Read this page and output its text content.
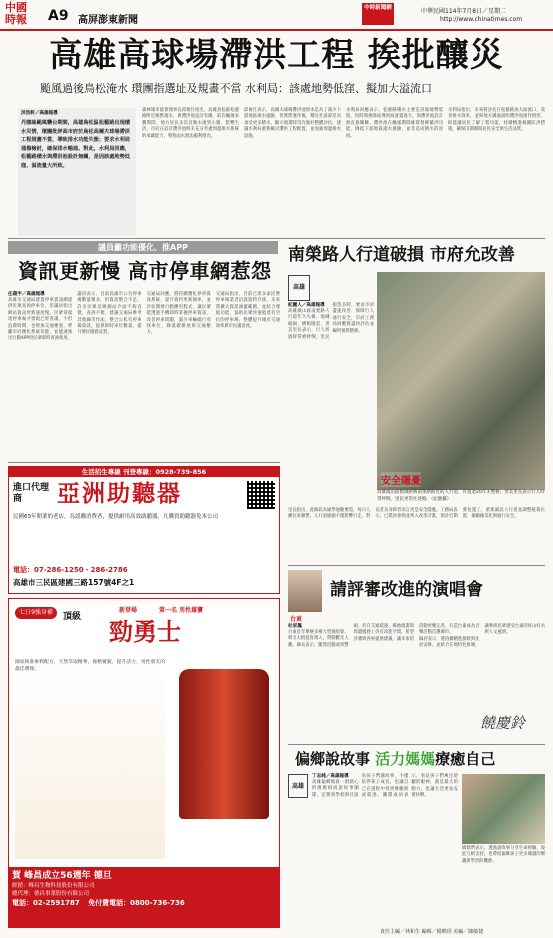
中國
時報	A9 高屏澎東新聞
中時新聞網	中華民國114年7月8日／星期二
http://www.chinatimes.com
高雄高球場滯洪工程 挨批釀災
颱風過後鳥松淹水 環團指選址及規畫不當 水利局：該處地勢低窪、擬加大溢流口
洪浩軒／高雄報導
丹娜絲颱風襲台期間，高雄鳥松區松藝路出現積水災情，環團批評高市府於鳥松高爾夫球場滯洪工程規畫不當，導致排水功能失衡；要求水利局通盤檢討，確保排水暢通。對此，水利局回應，松藝路積水與滯洪池設計無關，是因該處地勢低窪、溢流量大所致。

森林城市協會理事長邱俊仕指出，高雄鳥松區松藝路附近頻繁淹水，與滯洪池設計有關，前次颱風來襲期間，地方居民多次反映水淹到小腿，影響生活。市府在設計滯洪池時未充分考慮周邊排水系統的承載能力，導致雨水無法順利排出。

邱俊仕表示，高爾夫球場滯洪池原本是為了減少下游地區淹水風險，但實際運作後，鄰近社區卻反而承受更多積水，顯示規畫時沒有做好整體評估，建議水利局重新檢討滯洪工程配置，並加強周邊排水設施。

水利局回應表示，松藝路積水主要是該處地勢低窪，短時間強降雨導致溢流量過大，與滯洪池設計無直接關聯。滯洪池在颱風期間確實發揮蓄洪功能，降低下游地區淹水風險，並非造成積水的原因。

水利局指出，未來將評估在松藝路加大溢流口，改善排水效率，並與地方溝通說明滯洪池運作情形，盼能讓居民了解工程功能，持續精進相關防洪措施，確保汛期期間居民安全與生活品質。

議員籲功能優化、推APP
資訊更新慢 高市停車網惹怨
任義宇／高雄報導

高雄市交通局建置停車資訊網提供民眾查詢停車位，但議員指出網站資訊更新速度慢，民眾常抵達停車場才發現已經客滿，不但浪費時間，也增加交通壅塞，呼籲市府優化系統功能，並儘速推出行動APP供民眾即時查詢使用。

議員表示，目前高雄市公有停車場數量眾多，但資訊整合不足，許多民眾反映網站介面不夠直覺，查詢不便，建議交通局參考其他縣市作法，整合公私有停車場資訊，提供即時車位數量，提升便民服務品質。

交通局回應，將持續優化停車資訊系統，提升資料更新頻率，並評估開發行動應用程式，讓民眾能透過手機即時掌握停車資訊，改善停車問題，減少車輛繞行尋找車位，降低碳排放與交通壓力。

交通局指出，目前已與多家民營停車場業者洽談資料介接，未來將擴大資訊涵蓋範圍，並結合導航功能，協助民眾快速抵達有空位的停車場，整體提升城市交通效率與市民滿意度。

南榮路人行道破損 市府允改善
高雄
紀麗人／高雄報導

高雄鳳山區南榮路人行道年久失修，地磚破損、樹根隆起，善美里長表示，行人經過時常被絆倒，里民抱怨多時，要求市府盡速改善，保障行人通行安全，市府工務局回應將盡快評估並編列預算整修。

安全隱憂
高雄鳳山區舊城路興南榮路附近的人行道，有超過20年未整修，善美里長表示行人時常絆倒，里民更常往逐路。（紀麗攝）

里長指出，此路段為通學通勤要道，每日人潮往來頻繁，人行道破損不僅影響行走，對長者及身障者而言更是安全隱憂。工務局表示，已派員會勘並列入改善計畫，預計近期發包施工，重新鋪設人行道並調整植栽位置，兼顧綠美化與通行安全。

生活招生專線 刊登專線：0928-739-856
進口代理商	亞洲助聽器
民國63年開業的老店，為認購消費者，提供耐用高效助聽器，凡購買助聽器免本公司
電話：07-286-1250・286-2786
高雄市三民區建國三路157號4F之1
七日9強身補	頂級
新登場	第一名 男性雄寶
勁勇士

國家核准專利配方，天然萃取精華，養精蓄銳，提升活力，男性朋友的最佳選擇。

賀 峰昌成立56週年 德旦
經銷：峰昌生物科技股份有限公司
總代理：德昌事業股份有限公司
電話：02-2591787 免付費電話：0800-736-736
台東
請評審改進的演唱會
杜家鳳

台東近年舉辦多場大型演唱會，吸引大批遊客湧入，帶動觀光人潮。縣長表示，雖然活動成果豐碩，但在交通疏運、場地規畫與周邊服務上仍有改進空間，希望評審與各界提供建議，讓未來的活動更臻完善，打造台東成為音樂活動首選城市。

縣府表示，將持續精進接駁與住宿安排，並結合在地特色推廣，讓參與民眾感受台東的好山好水與人文風情。

饒慶鈴
偏鄉說故事 活力媽媽療癒自己
高雄
丁志純／高雄報導

高雄偏鄉地區一群熱心的媽媽組成說故事團隊，定期到學校與社區為孩子們講故事，不僅陪伴孩子成長，也讓自己在過程中找到療癒與成就感。團隊成員表示，看見孩子們專注聆聽的眼神，就是最大的動力，也讓生活更加充實快樂。

媽媽們表示，透過說故事分享生命經驗，彼此互相支持，也帶給偏鄉孩子更多閱讀的樂趣與學習的機會。

責任主編／林和生 編輯／楊曉玥 美編／陳敏捷
